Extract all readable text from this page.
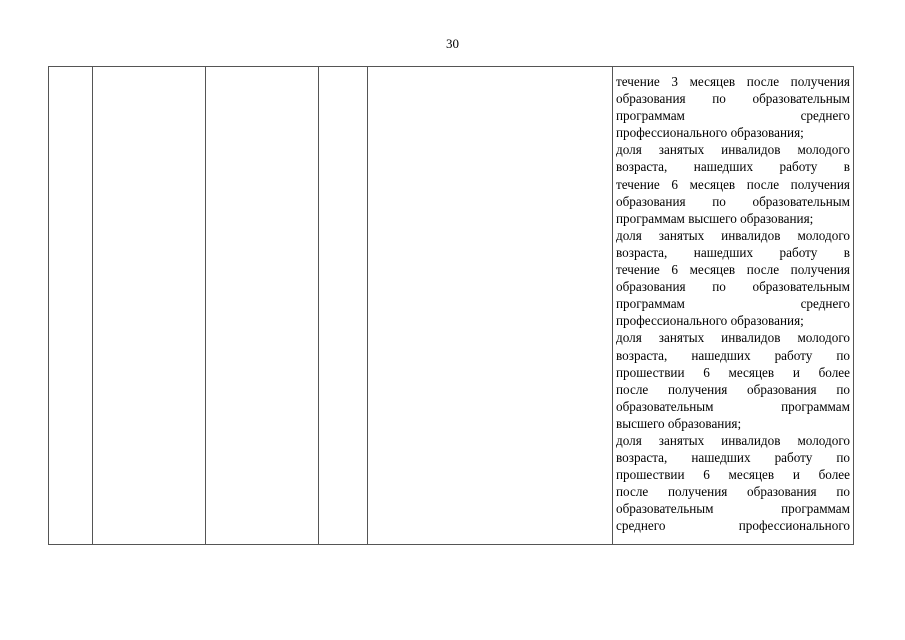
30

течение 3 месяцев после получения
образования по образовательным
программам среднего
профессионального образования;
доля занятых инвалидов молодого
возраста, нашедших работу в
течение 6 месяцев после получения
образования по образовательным
программам высшего образования;
доля занятых инвалидов молодого
возраста, нашедших работу в
течение 6 месяцев после получения
образования по образовательным
программам среднего
профессионального образования;
доля занятых инвалидов молодого
возраста, нашедших работу по
прошествии 6 месяцев и более
после получения образования по
образовательным программам
высшего образования;
доля занятых инвалидов молодого
возраста, нашедших работу по
прошествии 6 месяцев и более
после получения образования по
образовательным программам
среднего профессионального
